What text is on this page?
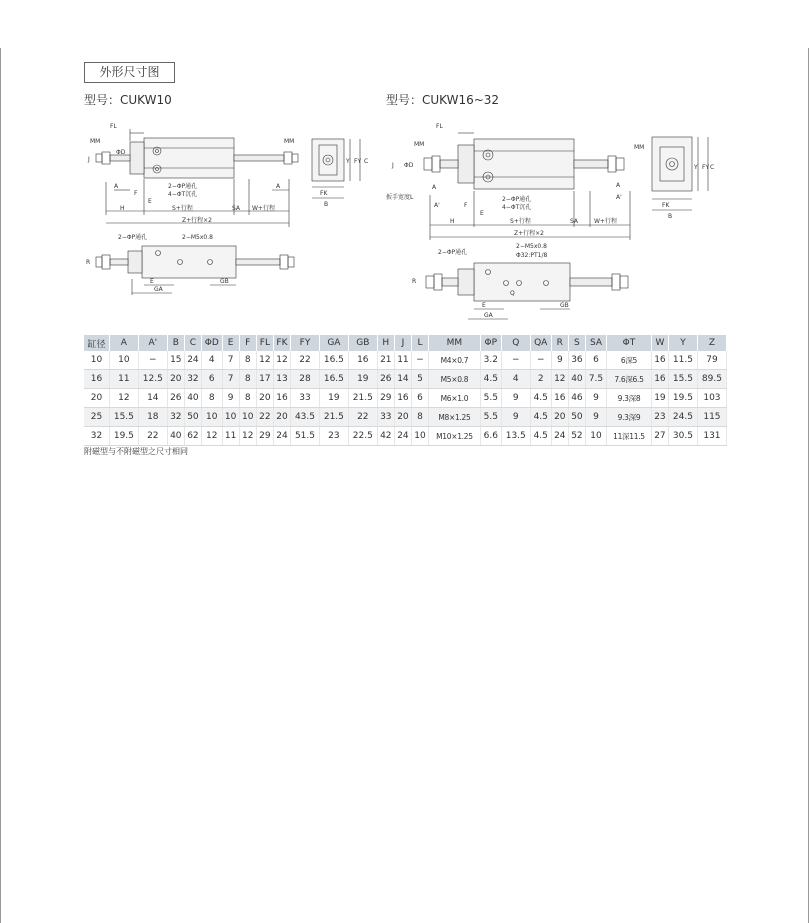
外形尺寸图
型号：CUKW10	型号：CUKW16~32
FL
MM	MM
J
ΦD
A	A
F
E
2−ΦP通孔
4−ΦT沉孔
H	S+行程	SA W+行程
Z+行程×2
FK
B
Y FY C
2−ΦP通孔	2−M5x0.8
R
E
GA
GB
FL
MM	MM
J ΦD
A	A
A'
扳手宽度L
A'	F
E
2−ΦP通孔
4−ΦT沉孔
H	S+行程	SA	W+行程
Z+行程×2
FK
B
Y FY C
2−ΦP通孔
2−M5x0.8
Φ32:PT1/8
R
Q
E
GA
GB
缸径	A	A'	B	C	ΦD	E	F	FL	FK	FY	GA	GB	H	J	L	MM	ΦP	Q	QA	R	S	SA	ΦT	W	Y	Z
10	10	−	15	24	4	7	8	12	12	22	16.5	16	21	11	−	M4×0.7	3.2	−	−	9	36	6	6深5	16	11.5	79
16	11	12.5	20	32	6	7	8	17	13	28	16.5	19	26	14	5	M5×0.8	4.5	4	2	12	40	7.5	7.6深6.5	16	15.5	89.5
20	12	14	26	40	8	9	8	20	16	33	19	21.5	29	16	6	M6×1.0	5.5	9	4.5	16	46	9	9.3深8	19	19.5	103
25	15.5	18	32	50	10	10	10	22	20	43.5	21.5	22	33	20	8	M8×1.25	5.5	9	4.5	20	50	9	9.3深9	23	24.5	115
32	19.5	22	40	62	12	11	12	29	24	51.5	23	22.5	42	24	10	M10×1.25	6.6	13.5	4.5	24	52	10	11深11.5	27	30.5	131
附磁型与不附磁型之尺寸相同
